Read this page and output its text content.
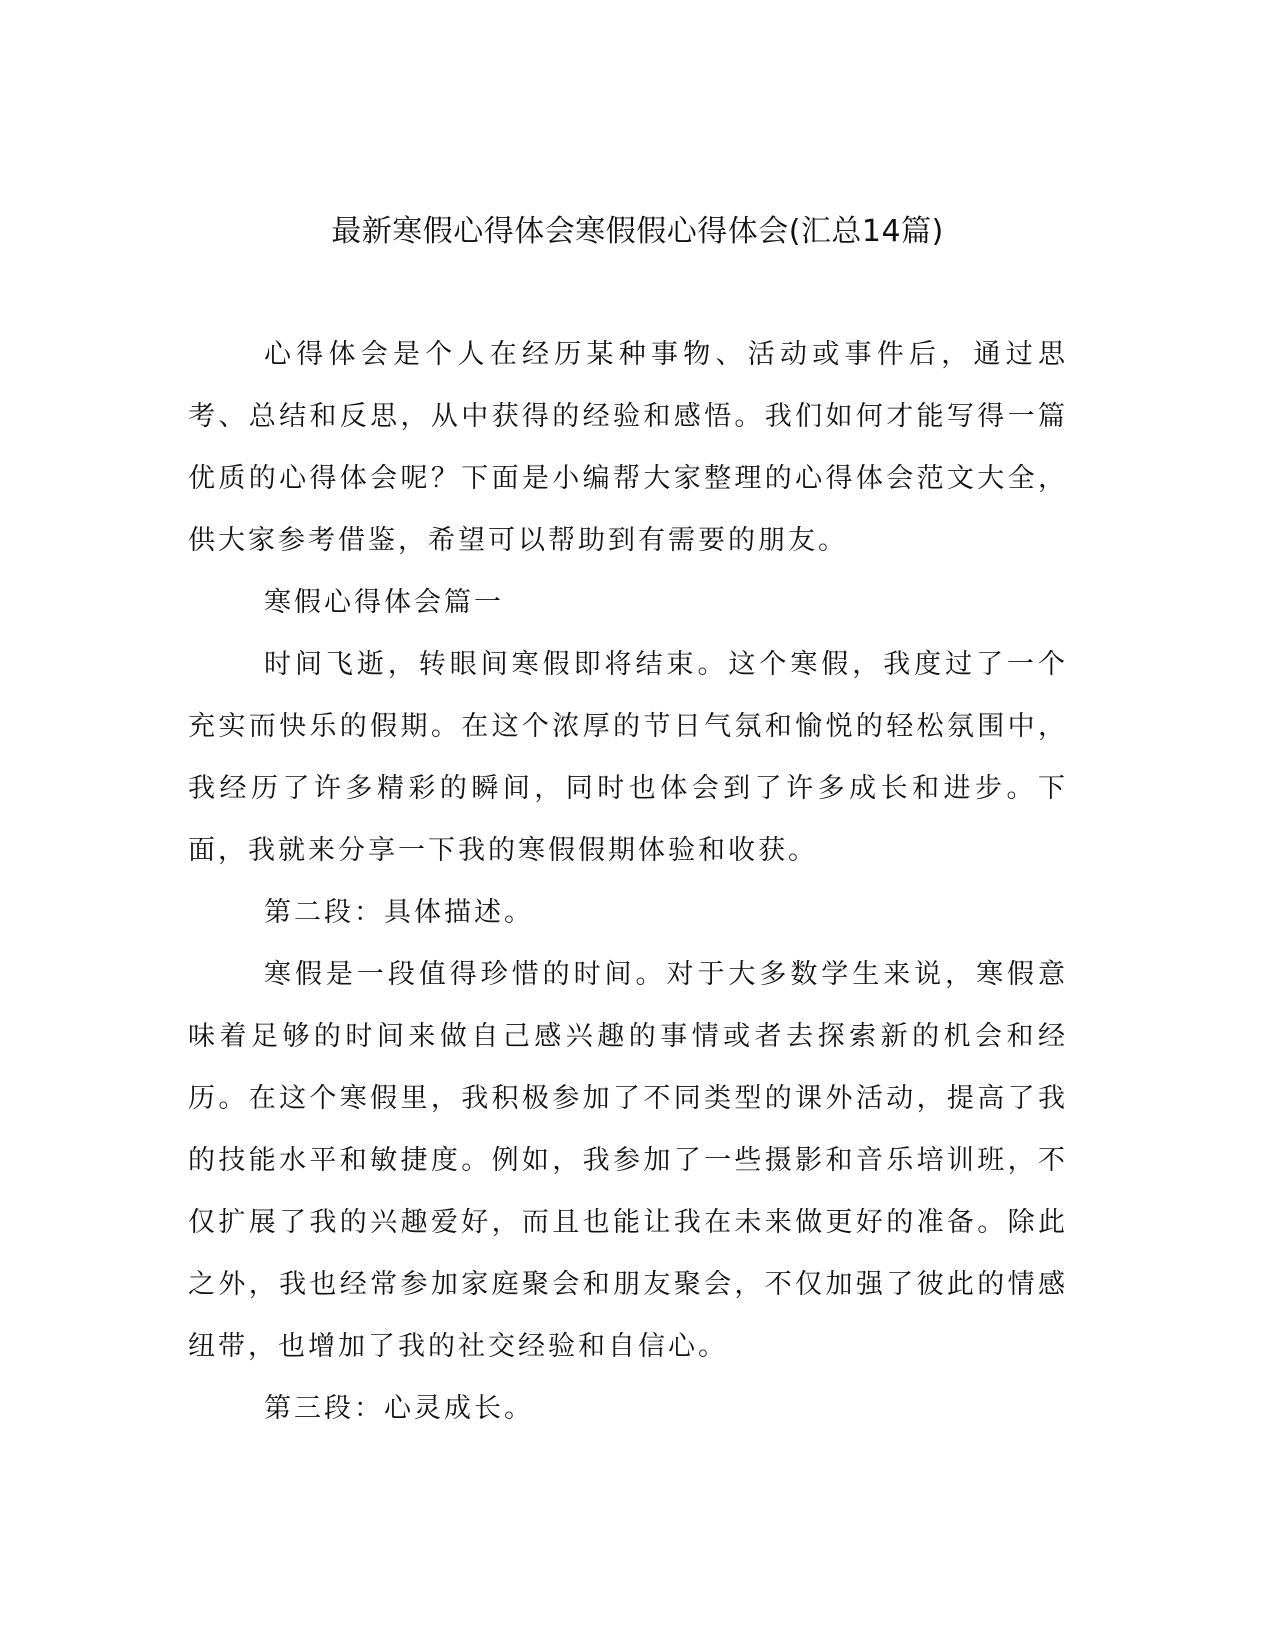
最新寒假心得体会寒假假心得体会(汇总14篇)

心得体会是个人在经历某种事物、活动或事件后，通过思考、总结和反思，从中获得的经验和感悟。我们如何才能写得一篇优质的心得体会呢？下面是小编帮大家整理的心得体会范文大全，供大家参考借鉴，希望可以帮助到有需要的朋友。

寒假心得体会篇一

时间飞逝，转眼间寒假即将结束。这个寒假，我度过了一个充实而快乐的假期。在这个浓厚的节日气氛和愉悦的轻松氛围中，我经历了许多精彩的瞬间，同时也体会到了许多成长和进步。下面，我就来分享一下我的寒假假期体验和收获。

第二段：具体描述。

寒假是一段值得珍惜的时间。对于大多数学生来说，寒假意味着足够的时间来做自己感兴趣的事情或者去探索新的机会和经历。在这个寒假里，我积极参加了不同类型的课外活动，提高了我的技能水平和敏捷度。例如，我参加了一些摄影和音乐培训班，不仅扩展了我的兴趣爱好，而且也能让我在未来做更好的准备。除此之外，我也经常参加家庭聚会和朋友聚会，不仅加强了彼此的情感纽带，也增加了我的社交经验和自信心。

第三段：心灵成长。
